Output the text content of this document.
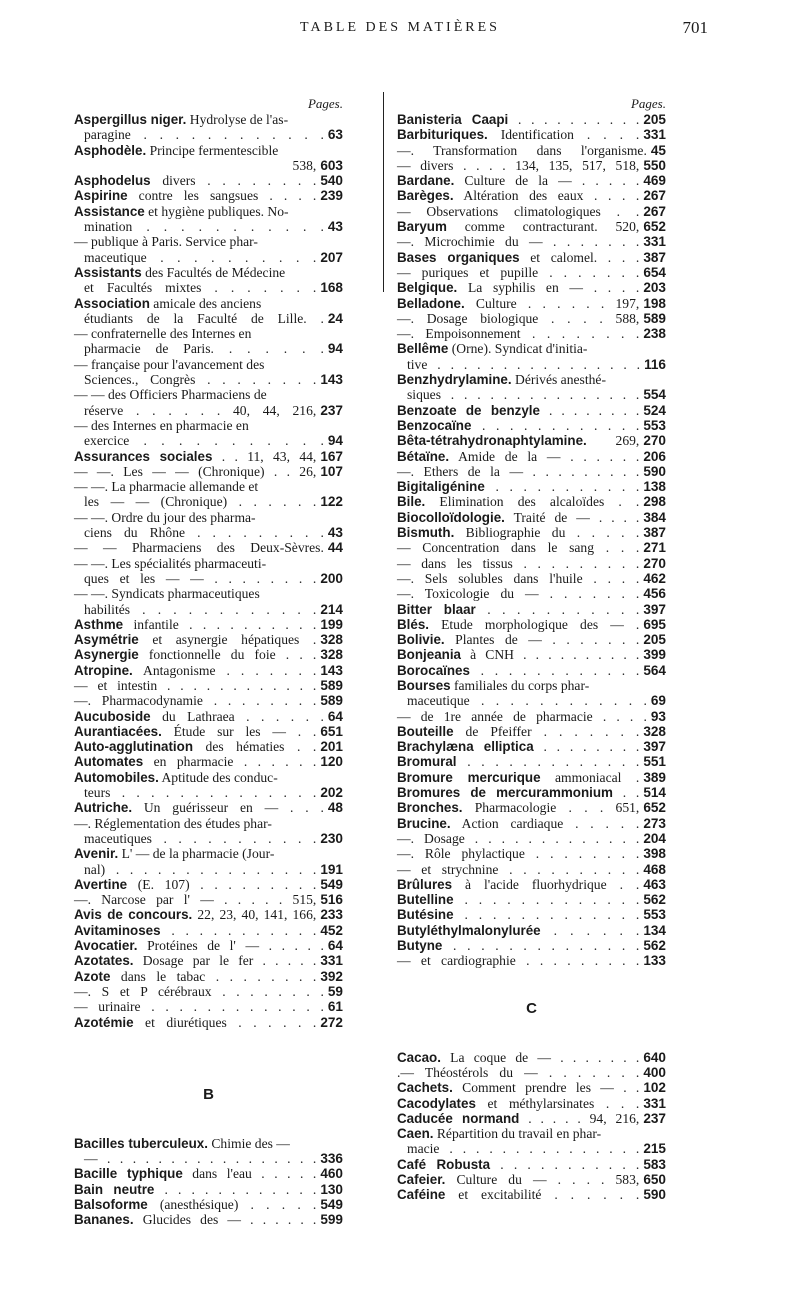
TABLE DES MATIÈRES	701
Pages.
Aspergillus niger. Hydrolyse de l'as-
63
paragine . . . . . . . . . . . .
Asphodèle. Principe fermentescible
603
538,
540
Asphodelus divers . . . . . . . .
239
Aspirine contre les sangsues . . . .
Assistance et hygiène publiques. No-
43
mination . . . . . . . . . . .
— publique à Paris. Service phar-
207
maceutique . . . . . . . . . .
Assistants des Facultés de Médecine
168
et Facultés mixtes . . . . . . .
Association amicale des anciens
24
étudiants de la Faculté de Lille. .
— confraternelle des Internes en
94
pharmacie de Paris. . . . . . .
— française pour l'avancement des
143
Sciences., Congrès . . . . . . . .
— — des Officiers Pharmaciens de
237
réserve . . . . . . 40, 44, 216,
— des Internes en pharmacie en
94
exercice . . . . . . . . . . .
167
Assurances sociales . . 11, 43, 44,
107
— —. Les — — (Chronique) . . 26,
— —. La pharmacie allemande et
122
les — — (Chronique) . . . . . .
— —. Ordre du jour des pharma-
43
ciens du Rhône . . . . . . . . .
44
— — Pharmaciens des Deux-Sèvres.
— —. Les spécialités pharmaceuti-
200
ques et les — — . . . . . . . .
— —. Syndicats pharmaceutiques
214
habilités . . . . . . . . . . . .
199
Asthme infantile . . . . . . . . . .
328
Asymétrie et asynergie hépatiques .
328
Asynergie fonctionnelle du foie . . .
143
Atropine. Antagonisme . . . . . . .
589
— et intestin . . . . . . . . . . . .
589
—. Pharmacodynamie . . . . . . . .
64
Aucuboside du Lathraea . . . . . .
651
Aurantiacées. Étude sur les — . .
201
Auto-agglutination des hématies . .
120
Automates en pharmacie . . . . . .
Automobiles. Aptitude des conduc-
202
teurs . . . . . . . . . . . . . .
48
Autriche. Un guérisseur en — . . .
—. Réglementation des études phar-
230
maceutiques . . . . . . . . . . .
Avenir. L' — de la pharmacie (Jour-
191
nal) . . . . . . . . . . . . . . .
549
Avertine (E. 107) . . . . . . . . .
516
—. Narcose par l' — . . . . . 515,
233
Avis de concours. 22, 23, 40, 141, 166,
452
Avitaminoses . . . . . . . . . . .
64
Avocatier. Protéines de l' — . . . . .
331
Azotates. Dosage par le fer . . . . .
392
Azote dans le tabac . . . . . . . .
59
—. S et P cérébraux . . . . . . . .
61
— urinaire . . . . . . . . . . . . .
272
Azotémie et diurétiques . . . . . .
B
Bacilles tuberculeux. Chimie des —
336
— . . . . . . . . . . . . . . . . .
460
Bacille typhique dans l'eau . . . . .
130
Bain neutre . . . . . . . . . . . .
549
Balsoforme (anesthésique) . . . . .
599
Bananes. Glucides des — . . . . . .
Pages.
205
Banisteria Caapi . . . . . . . . . .
331
Barbituriques. Identification . . . .
45
—. Transformation dans l'organisme.
550
— divers . . . . 134, 135, 517, 518,
469
Bardane. Culture de la — . . . . .
267
Barèges. Altération des eaux . . . .
267
— Observations climatologiques . .
652
Baryum comme contracturant. 520,
331
—. Microchimie du — . . . . . . .
387
Bases organiques et calomel. . . .
654
— puriques et pupille . . . . . . .
203
Belgique. La syphilis en — . . . .
198
Belladone. Culture . . . . . . 197,
589
—. Dosage biologique . . . . 588,
238
—. Empoisonnement . . . . . . . .
Bellême (Orne). Syndicat d'initia-
116
tive . . . . . . . . . . . . . . . .
Benzhydrylamine. Dérivés anesthé-
554
siques . . . . . . . . . . . . . . .
524
Benzoate de benzyle . . . . . . . .
553
Benzocaïne . . . . . . . . . . . .
270
Bêta-tétrahydronaphtylamine. 269,
206
Bétaïne. Amide de la — . . . . . .
590
—. Ethers de la — . . . . . . . . .
138
Bigitaligénine . . . . . . . . . . .
298
Bile. Elimination des alcaloïdes . .
384
Biocolloïdologie. Traité de — . . . .
387
Bismuth. Bibliographie du . . . . .
271
— Concentration dans le sang . . .
270
— dans les tissus . . . . . . . . .
462
—. Sels solubles dans l'huile . . . .
456
—. Toxicologie du — . . . . . . .
397
Bitter blaar . . . . . . . . . . .
695
Blés. Etude morphologique des — .
205
Bolivie. Plantes de — . . . . . . .
399
Bonjeania à CNH . . . . . . . . . .
564
Borocaïnes . . . . . . . . . . . .
Bourses familiales du corps phar-
69
maceutique . . . . . . . . . . . .
93
— de 1re année de pharmacie . . . .
328
Bouteille de Pfeiffer . . . . . . .
397
Brachylæna elliptica . . . . . . . .
551
Bromural . . . . . . . . . . . . .
389
Bromure mercurique ammoniacal .
514
Bromures de mercurammonium . .
652
Bronches. Pharmacologie . . . 651,
273
Brucine. Action cardiaque . . . . .
204
—. Dosage . . . . . . . . . . . . .
398
—. Rôle phylactique . . . . . . . .
468
— et strychnine . . . . . . . . . .
463
Brûlures à l'acide fluorhydrique . .
562
Butelline . . . . . . . . . . . . .
553
Butésine . . . . . . . . . . . . .
134
Butyléthylmalonylurée . . . . . .
562
Butyne . . . . . . . . . . . . . .
133
— et cardiographie . . . . . . . . .
C
640
Cacao. La coque de — . . . . . . .
400
.— Théostérols du — . . . . . . .
102
Cachets. Comment prendre les — . .
331
Cacodylates et méthylarsinates . . .
237
Caducée normand . . . . . 94, 216,
Caen. Répartition du travail en phar-
215
macie . . . . . . . . . . . . . . .
583
Café Robusta . . . . . . . . . . .
650
Cafeier. Culture du — . . . . 583,
590
Caféine et excitabilité . . . . . .
